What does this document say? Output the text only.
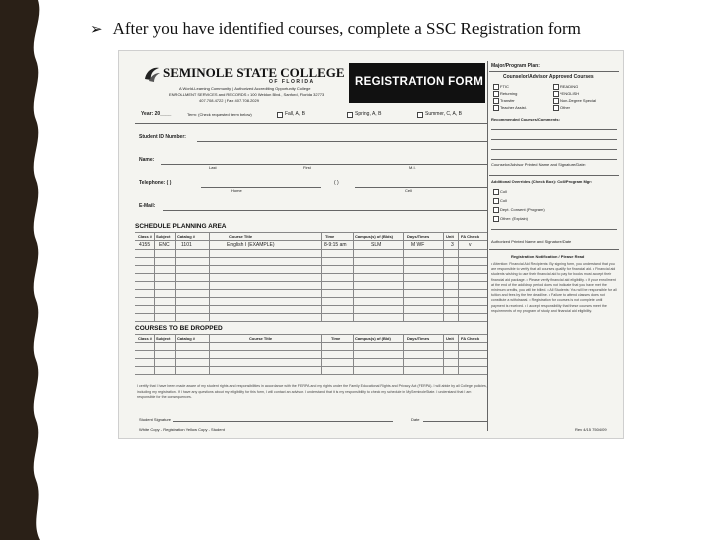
➢ After you have identified courses, complete a SSC Registration form
SEMINOLE STATE COLLEGE
OF FLORIDA
A World-Learning Community | Authorized Accrediting Opportunity College
ENROLLMENT SERVICES and RECORDS • 100 Weldon Blvd., Sanford, Florida 32773
407.708.4722 | Fax 407.708.2029
REGISTRATION FORM
Year: 20____	Term: (Check requested term below)	Fall, A, B	Spring, A, B	Summer, C, A, B
Student ID Number:
Name:
Last	First	M.I.
Telephone: ( )	( )
Home	Cell
E-Mail:
SCHEDULE PLANNING AREA
Class # Subject Catalog #	Course Title	Time	Campus(s) of (Blds)	Days/Times	Unit FA Check
4155 ENC 1101	English I (EXAMPLE)	8-9:15 am	SLM	M WF	3	v
COURSES TO BE DROPPED
Class # Subject Catalog #	Course Title	Time	Campus(s) of (Bld)	Days/Times	Unit FA Check
I certify that I have been made aware of my student rights and responsibilities in accordance with the FERPA and my rights under the Family Educational Rights and Privacy Act (FERPA). I will abide by all College policies, including my registration. If I have any questions about my eligibility for this form, I will contact an advisor. I understand that it is my responsibility to check my schedule in MySeminoleState. I understand that I am responsible for the consequences.
Student Signature	Date
White Copy - Registration Yellow Copy - Student
Major/Program Plan:
Counselor/Advisor Approved Courses
FTIC
Returning
Transfer
Teacher Assist.
READING
*ENGLISH
Non-Degree Special
Other
Recommended Courses/Comments:
Counselor/Advisor Printed Name and Signature/Date:
Additional Overrides (Check Box): Coll/Program Mgr:
Coll
Coll
Dept. Consent (Program)
Other: (Explain)
Authorized Printed Name and Signature/Date
Registration Notification / Please Read
• Attention: Financial Aid Recipients: By signing form, you understand that you are responsible to verify that all courses qualify for financial aid. • Financial aid students wishing to use their financial aid to pay for books must accept their financial aid package. • Please verify financial aid eligibility. • If your enrollment at the end of the add/drop period does not indicate that you have met the minimum credits, you will be billed. • All Students: You will be responsible for all tuition and fees by the fee deadline. • Failure to attend classes does not constitute a withdrawal. • Registration for courses is not complete until payment is received. • I accept responsibility that these courses meet the requirements of my program of study and financial aid eligibility.
Rev 4/15 7504/09
